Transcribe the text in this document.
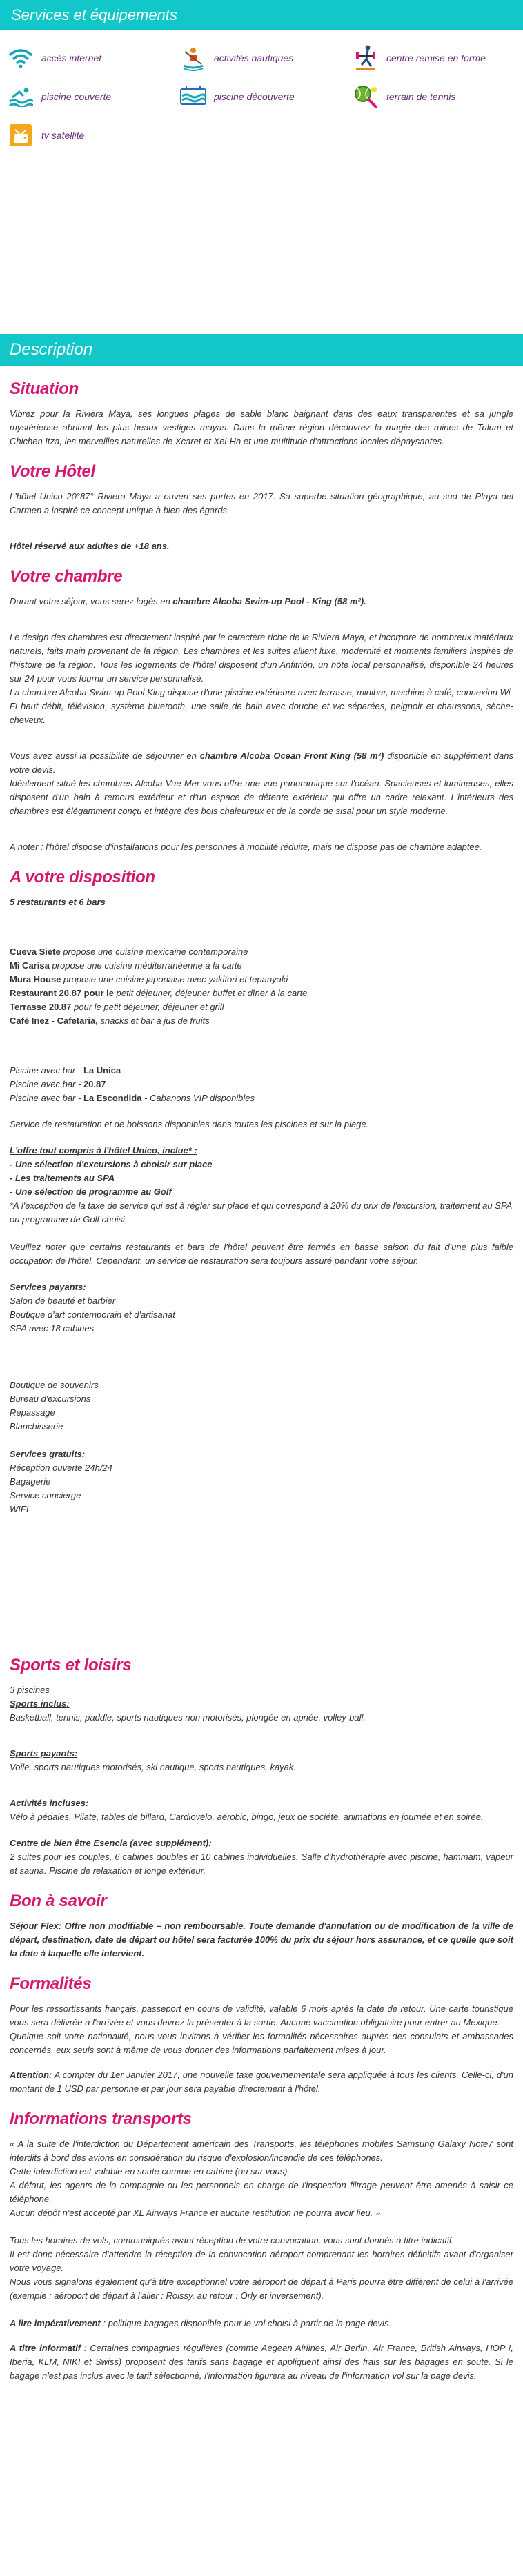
Services et équipements
accès internet	activités nautiques	centre remise en forme
piscine couverte	piscine découverte	terrain de tennis
tv satellite
Description
Situation

Vibrez pour la Riviera Maya, ses longues plages de sable blanc baignant dans des eaux transparentes et sa jungle mystérieuse abritant les plus beaux vestiges mayas. Dans la même région découvrez la magie des ruines de Tulum et Chichen Itza, les merveilles naturelles de Xcaret et Xel-Ha et une multitude d'attractions locales dépaysantes.

Votre Hôtel

L'hôtel Unico 20°87° Riviera Maya a ouvert ses portes en 2017. Sa superbe situation géographique, au sud de Playa del Carmen a inspiré ce concept unique à bien des égards.

Hôtel réservé aux adultes de +18 ans.

Votre chambre

Durant votre séjour, vous serez logés en chambre Alcoba Swim-up Pool - King (58 m²).

Le design des chambres est directement inspiré par le caractère riche de la Riviera Maya, et incorpore de nombreux matériaux naturels, faits main provenant de la région. Les chambres et les suites allient luxe, modernité et moments familiers inspirés de l'histoire de la région. Tous les logements de l'hôtel disposent d'un Anfitrión, un hôte local personnalisé, disponible 24 heures sur 24 pour vous fournir un service personnalisé.

La chambre Alcoba Swim-up Pool King dispose d'une piscine extérieure avec terrasse, minibar, machine à café, connexion Wi-Fi haut débit, télévision, système bluetooth, une salle de bain avec douche et wc séparées, peignoir et chaussons, sèche-cheveux.

Vous avez aussi la possibilité de séjourner en chambre Alcoba Ocean Front King (58 m²) disponible en supplément dans votre devis.

Idéalement situé les chambres Alcoba Vue Mer vous offre une vue panoramique sur l'océan. Spacieuses et lumineuses, elles disposent d'un bain à remous extérieur et d'un espace de détente extérieur qui offre un cadre relaxant. L'intérieurs des chambres est élégamment conçu et intègre des bois chaleureux et de la corde de sisal pour un style moderne.

A noter : l'hôtel dispose d'installations pour les personnes à mobilité réduite, mais ne dispose pas de chambre adaptée.

A votre disposition

5 restaurants et 6 bars

Cueva Siete propose une cuisine mexicaine contemporaine
Mi Carisa propose une cuisine méditerranéenne à la carte
Mura House propose une cuisine japonaise avec yakitori et tepanyaki
Restaurant 20.87 pour le petit déjeuner, déjeuner buffet et dîner à la carte
Terrasse 20.87 pour le petit déjeuner, déjeuner et grill
Café Inez - Cafetaria, snacks et bar à jus de fruits
Piscine avec bar - La Unica
Piscine avec bar - 20.87
Piscine avec bar - La Escondida - Cabanons VIP disponibles

Service de restauration et de boissons disponibles dans toutes les piscines et sur la plage.

L'offre tout compris à l'hôtel Unico, inclue* :
- Une sélection d'excursions à choisir sur place
- Les traitements au SPA
- Une sélection de programme au Golf
*A l'exception de la taxe de service qui est à régler sur place et qui correspond à 20% du prix de l'excursion, traitement au SPA ou programme de Golf choisi.

Veuillez noter que certains restaurants et bars de l'hôtel peuvent être fermés en basse saison du fait d'une plus faible occupation de l'hôtel. Cependant, un service de restauration sera toujours assuré pendant votre séjour.

Services payants:
Salon de beauté et barbier
Boutique d'art contemporain et d'artisanat
SPA avec 18 cabines
Boutique de souvenirs
Bureau d'excursions
Repassage
Blanchisserie
Services gratuits:
Réception ouverte 24h/24
Bagagerie
Service concierge
WIFI
Sports et loisirs
3 piscines
Sports inclus:
Basketball, tennis, paddle, sports nautiques non motorisés, plongée en apnée, volley-ball.
Sports payants:
Voile, sports nautiques motorisés, ski nautique, sports nautiques, kayak.
Activités incluses:
Vélo à pédales, Pilate, tables de billard, Cardiovélo, aérobic, bingo, jeux de société, animations en journée et en soirée.
Centre de bien être Esencia (avec supplément):

2 suites pour les couples, 6 cabines doubles et 10 cabines individuelles. Salle d'hydrothérapie avec piscine, hammam, vapeur et sauna. Piscine de relaxation et longe extérieur.

Bon à savoir

Séjour Flex: Offre non modifiable – non remboursable. Toute demande d'annulation ou de modification de la ville de départ, destination, date de départ ou hôtel sera facturée 100% du prix du séjour hors assurance, et ce quelle que soit la date à laquelle elle intervient.

Formalités

Pour les ressortissants français, passeport en cours de validité, valable 6 mois après la date de retour. Une carte touristique vous sera délivrée à l'arrivée et vous devrez la présenter à la sortie. Aucune vaccination obligatoire pour entrer au Mexique.

Quelque soit votre nationalité, nous vous invitons à vérifier les formalités nécessaires auprès des consulats et ambassades concernés, eux seuls sont à même de vous donner des informations parfaitement mises à jour.

Attention: A compter du 1er Janvier 2017, une nouvelle taxe gouvernementale sera appliquée à tous les clients. Celle-ci, d'un montant de 1 USD par personne et par jour sera payable directement à l'hôtel.

Informations transports

« A la suite de l'interdiction du Département américain des Transports, les téléphones mobiles Samsung Galaxy Note7 sont interdits à bord des avions en considération du risque d'explosion/incendie de ces téléphones.

Cette interdiction est valable en soute comme en cabine (ou sur vous).

A défaut, les agents de la compagnie ou les personnels en charge de l'inspection filtrage peuvent être amenés à saisir ce téléphone.

Aucun dépôt n'est accepté par XL Airways France et aucune restitution ne pourra avoir lieu. »

Tous les horaires de vols, communiqués avant réception de votre convocation, vous sont donnés à titre indicatif.

Il est donc nécessaire d'attendre la réception de la convocation aéroport comprenant les horaires définitifs avant d'organiser votre voyage.

Nous vous signalons également qu'à titre exceptionnel votre aéroport de départ à Paris pourra être différent de celui à l'arrivée (exemple : aéroport de départ à l'aller : Roissy, au retour : Orly et inversement).

A lire impérativement : politique bagages disponible pour le vol choisi à partir de la page devis.

A titre informatif : Certaines compagnies régulières (comme Aegean Airlines, Air Berlin, Air France, British Airways, HOP !, Iberia, KLM, NIKI et Swiss) proposent des tarifs sans bagage et appliquent ainsi des frais sur les bagages en soute. Si le bagage n'est pas inclus avec le tarif sélectionné, l'information figurera au niveau de l'information vol sur la page devis.
